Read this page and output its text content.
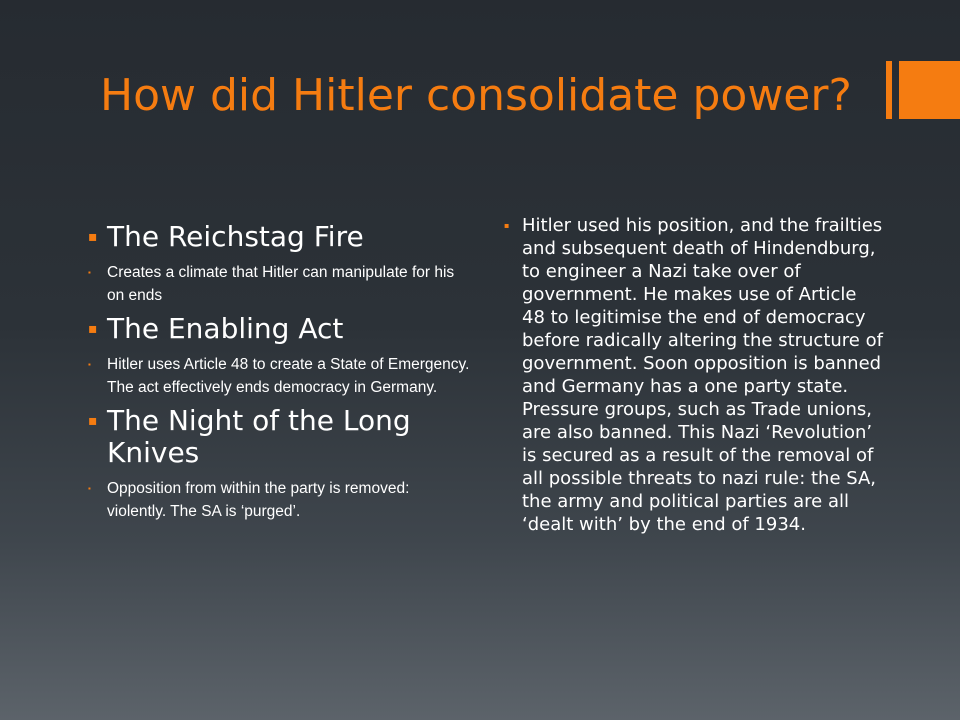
How did Hitler consolidate power?
▪ The Reichstag Fire
▪ Creates a climate that Hitler can manipulate for his on ends
▪ The Enabling Act
▪ Hitler uses Article 48 to create a State of Emergency. The act effectively ends democracy in Germany.
▪ The Night of the Long Knives
▪ Opposition from within the party is removed: violently. The SA is ‘purged’.
▪ Hitler used his position, and the frailties and subsequent death of Hindendburg, to engineer a Nazi take over of government. He makes use of Article 48 to legitimise the end of democracy before radically altering the structure of government. Soon opposition is banned and Germany has a one party state. Pressure groups, such as Trade unions, are also banned. This Nazi ‘Revolution’ is secured as a result of the removal of all possible threats to nazi rule: the SA, the army and political parties are all ‘dealt with’ by the end of 1934.
